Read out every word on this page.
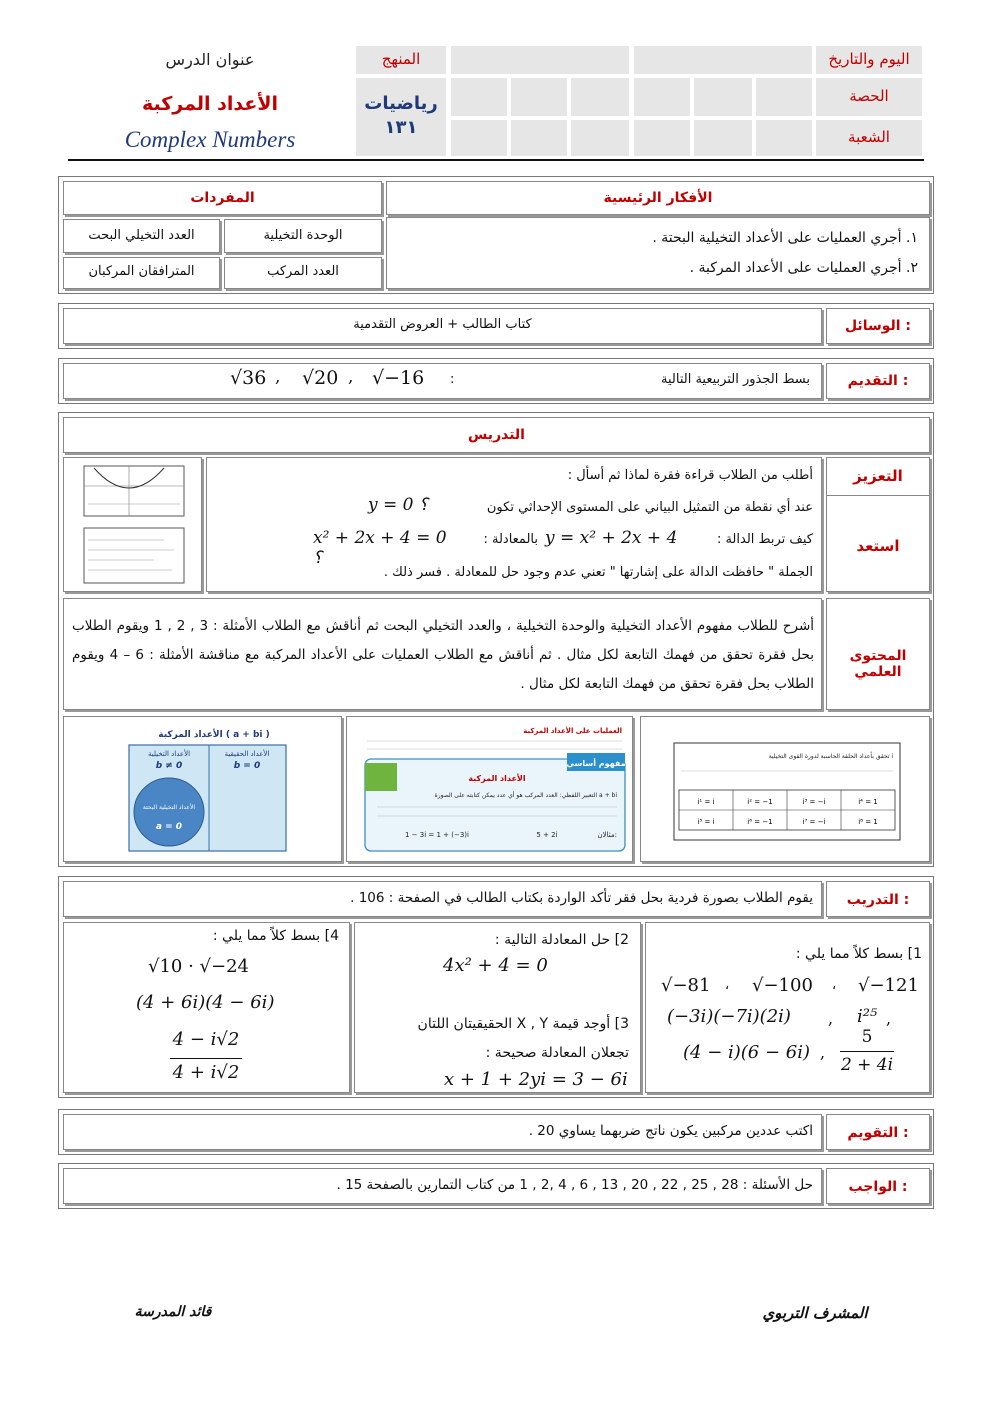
عنوان الدرس
الأعداد المركبة
Complex Numbers
المنهج
رياضيات ١٣١
اليوم والتاريخ
الحصة
الشعبة
الأفكار الرئيسية
١. أجري العمليات على الأعداد التخيلية البحتة .
٢. أجري العمليات على الأعداد المركبة .
المفردات
الوحدة التخيلية
العدد التخيلي البحت
العدد المركب
المترافقان المركبان
الوسائل :
كتاب الطالب + العروض التقدمية
التقديم :
بسط الجذور التربيعية التالية
:
√−16
,
√20
,
√36
التدريس
التعزيز
استعد
أطلب من الطلاب قراءة فقرة لماذا ثم أسأل :
عند أي نقطة من التمثيل البياني على المستوى الإحداثي تكون
y = 0 ؟
كيف تربط الدالة :
y = x² + 2x + 4
بالمعادلة :
x² + 2x + 4 = 0 ؟
الجملة " حافظت الدالة على إشارتها " تعني عدم وجود حل للمعادلة . فسر ذلك .
المحتوى العلمي
أشرح للطلاب مفهوم الأعداد التخيلية والوحدة التخيلية ، والعدد التخيلي البحت ثم أناقش مع الطلاب الأمثلة : 3 , 2 , 1 ويقوم الطلاب بحل فقرة تحقق من فهمك التابعة لكل مثال . ثم أناقش مع الطلاب العمليات على الأعداد المركبة مع مناقشة الأمثلة : 6 – 4 ويقوم الطلاب بحل فقرة تحقق من فهمك التابعة لكل مثال .
الأعداد المركبة ( a + bi )
الأعداد الحقيقية
b = 0
الأعداد التخيلية
b ≠ 0
الأعداد التخيلية البحتة
a = 0
العمليات على الأعداد المركبة
مفهوم أساسي
الأعداد المركبة
التعبير اللفظي: العدد المركب هو أي عدد يمكن كتابته على الصورة a + bi
مثالان:
5 + 2i
1 − 3i = 1 + (−3)i
تحقق بأعداد الحلقة الحاسبة لدورة القوى التخيلية i
i¹ = i	i² = −1	i³ = −i	i⁴ = 1
i⁵ = i	i⁶ = −1	i⁷ = −i	i⁸ = 1
التدريب :
يقوم الطلاب بصورة فردية بحل فقر تأكد الواردة بكتاب الطالب في الصفحة : 106 .
1] بسط كلاً مما يلي :
√−121
،
√−100
،
√−81
i²⁵ ,
,
(−3i)(−7i)(2i)
5
2 + 4i
,
(4 − i)(6 − 6i)
2] حل المعادلة التالية :
4x² + 4 = 0
3] أوجد قيمة X , Y الحقيقيتان اللتان
تجعلان المعادلة صحيحة :
x + 1 + 2yi = 3 − 6i
4] بسط كلاً مما يلي :
√10 · √−24
(4 + 6i)(4 − 6i)
4 − i√2
4 + i√2
التقويم :
اكتب عددين مركبين يكون ناتج ضربهما يساوي 20 .
الواجب :
حل الأسئلة : 28 , 25 , 22 , 20 , 13 , 6 , 4 ,2 , 1 من كتاب التمارين بالصفحة 15 .
المشرف التربوي
قائد المدرسة
